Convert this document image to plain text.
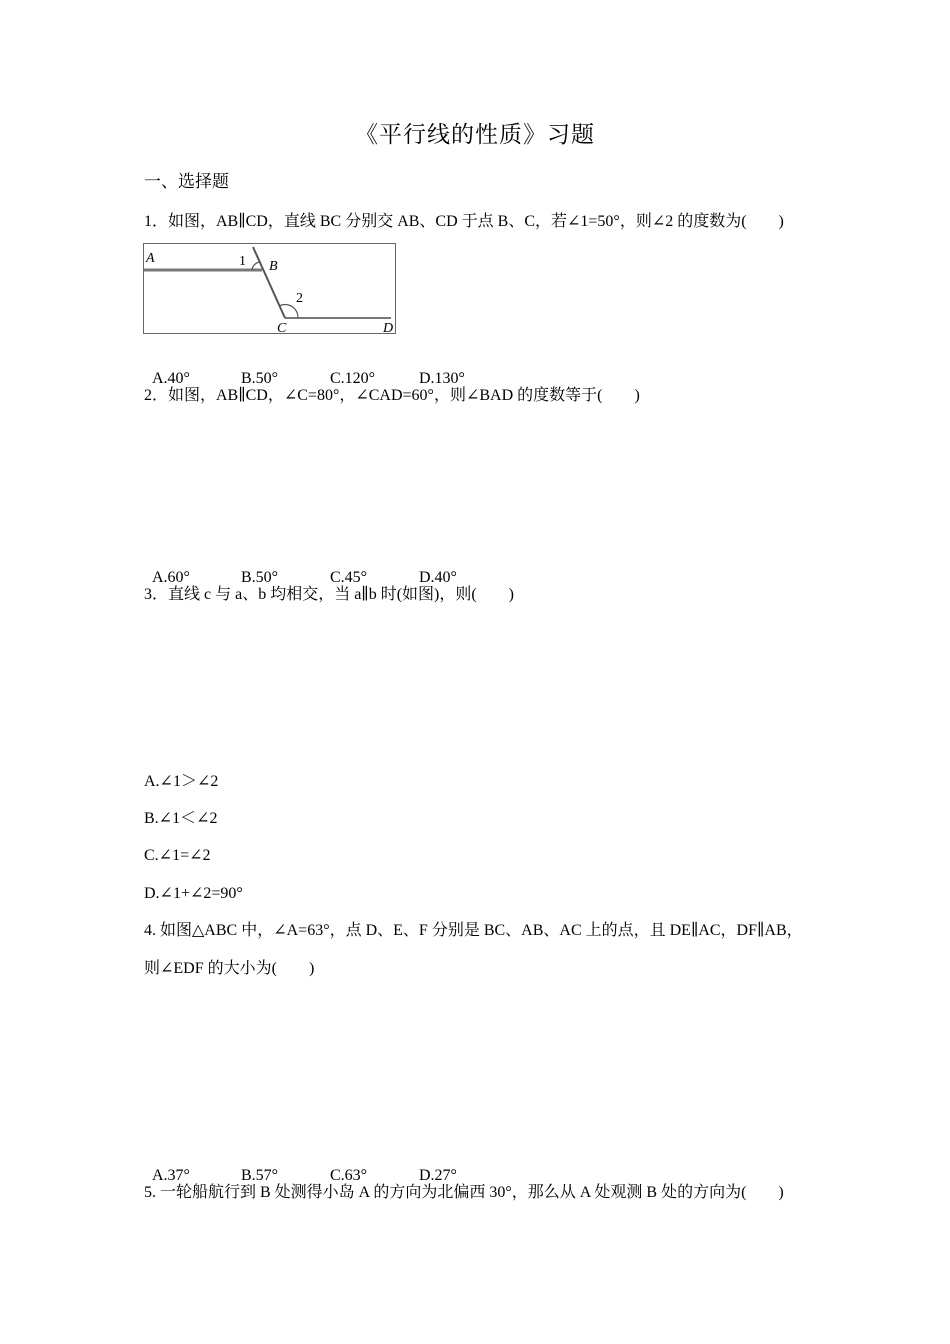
《平行线的性质》习题
一、选择题
1．如图，AB∥CD，直线 BC 分别交 AB、CD 于点 B、C，若∠1=50°，则∠2 的度数为(　　)
A	1 B
2
C	D

A.40°	B.50°	C.120°	D.130°

2．如图，AB∥CD，∠C=80°，∠CAD=60°，则∠BAD 的度数等于(　　)

A.60°	B.50°	C.45°	D.40°

3．直线 c 与 a、b 均相交，当 a∥b 时(如图)，则(　　)
A.∠1＞∠2
B.∠1＜∠2
C.∠1=∠2
D.∠1+∠2=90°
4. 如图△ABC 中，∠A=63°，点 D、E、F 分别是 BC、AB、AC 上的点，且 DE∥AC，DF∥AB，
则∠EDF 的大小为(　　)

A.37°	B.57°	C.63°	D.27°

5. 一轮船航行到 B 处测得小岛 A 的方向为北偏西 30°，那么从 A 处观测 B 处的方向为(　　)
